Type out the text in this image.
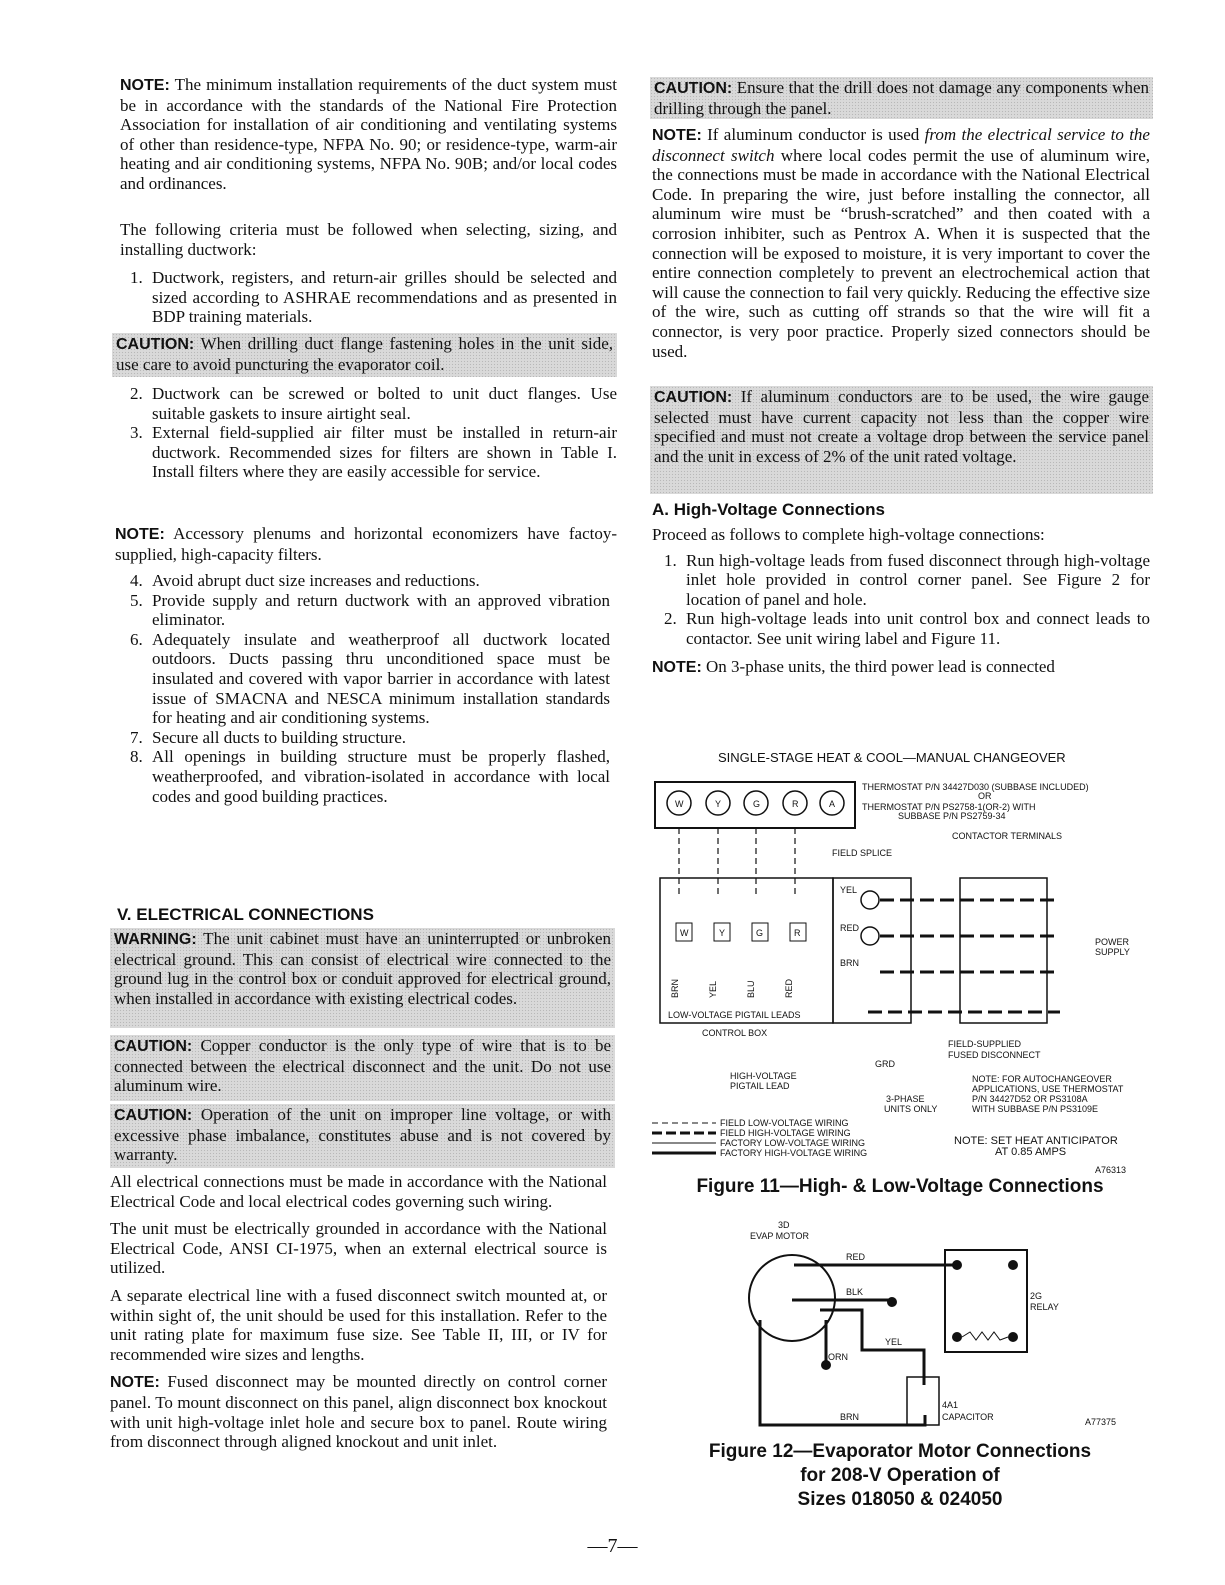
NOTE: The minimum installation requirements of the duct system must be in accordance with the standards of the National Fire Protection Association for installation of air conditioning and ventilating systems of other than residence-type, NFPA No. 90; or residence-type, warm-air heating and air conditioning systems, NFPA No. 90B; and/or local codes and ordinances.
The following criteria must be followed when selecting, sizing, and installing ductwork:
1. Ductwork, registers, and return-air grilles should be selected and sized according to ASHRAE recommendations and as presented in BDP training materials.
CAUTION: When drilling duct flange fastening holes in the unit side, use care to avoid puncturing the evaporator coil.
2. Ductwork can be screwed or bolted to unit duct flanges. Use suitable gaskets to insure airtight seal.
3. External field-supplied air filter must be installed in return-air ductwork. Recommended sizes for filters are shown in Table I. Install filters where they are easily accessible for service.
NOTE: Accessory plenums and horizontal economizers have factoy-supplied, high-capacity filters.
4. Avoid abrupt duct size increases and reductions.
5. Provide supply and return ductwork with an approved vibration eliminator.
6. Adequately insulate and weatherproof all ductwork located outdoors. Ducts passing thru unconditioned space must be insulated and covered with vapor barrier in accordance with latest issue of SMACNA and NESCA minimum installation standards for heating and air conditioning systems.
7. Secure all ducts to building structure.
8. All openings in building structure must be properly flashed, weatherproofed, and vibration-isolated in accordance with local codes and good building practices.
V. ELECTRICAL CONNECTIONS
WARNING: The unit cabinet must have an uninterrupted or unbroken electrical ground. This can consist of electrical wire connected to the ground lug in the control box or conduit approved for electrical ground, when installed in accordance with existing electrical codes.
CAUTION: Copper conductor is the only type of wire that is to be connected between the electrical disconnect and the unit. Do not use aluminum wire.
CAUTION: Operation of the unit on improper line voltage, or with excessive phase imbalance, constitutes abuse and is not covered by warranty.
All electrical connections must be made in accordance with the National Electrical Code and local electrical codes governing such wiring.
The unit must be electrically grounded in accordance with the National Electrical Code, ANSI CI-1975, when an external electrical source is utilized.
A separate electrical line with a fused disconnect switch mounted at, or within sight of, the unit should be used for this installation. Refer to the unit rating plate for maximum fuse size. See Table II, III, or IV for recommended wire sizes and lengths.
NOTE: Fused disconnect may be mounted directly on control corner panel. To mount disconnect on this panel, align disconnect box knockout with unit high-voltage inlet hole and secure box to panel. Route wiring from disconnect through aligned knockout and unit inlet.
CAUTION: Ensure that the drill does not damage any components when drilling through the panel.
NOTE: If aluminum conductor is used from the electrical service to the disconnect switch where local codes permit the use of aluminum wire, the connections must be made in accordance with the National Electrical Code. In preparing the wire, just before installing the connector, all aluminum wire must be “brush-scratched” and then coated with a corrosion inhibiter, such as Pentrox A. When it is suspected that the connection will be exposed to moisture, it is very important to cover the entire connection completely to prevent an electrochemical action that will cause the connection to fail very quickly. Reducing the effective size of the wire, such as cutting off strands so that the wire will fit a connector, is very poor practice. Properly sized connectors should be used.
CAUTION: If aluminum conductors are to be used, the wire gauge selected must have current capacity not less than the copper wire specified and must not create a voltage drop between the service panel and the unit in excess of 2% of the unit rated voltage.
A. High-Voltage Connections
Proceed as follows to complete high-voltage connections:
1. Run high-voltage leads from fused disconnect through high-voltage inlet hole provided in control corner panel. See Figure 2 for location of panel and hole.
2. Run high-voltage leads into unit control box and connect leads to contactor. See unit wiring label and Figure 11.
NOTE: On 3-phase units, the third power lead is connected
SINGLE-STAGE HEAT & COOL—MANUAL CHANGEOVER
W	Y	G	R	A
THERMOSTAT P/N 34427D030 (SUBBASE INCLUDED)
OR
THERMOSTAT P/N PS2758-1(OR-2) WITH
SUBBASE P/N PS2759-34
CONTACTOR TERMINALS
FIELD SPLICE
W	Y	G	R
BRN	YEL	BLU	RED
LOW-VOLTAGE PIGTAIL LEADS
CONTROL BOX
YEL
RED
BRN
POWER
SUPPLY
GRD
FIELD-SUPPLIED
FUSED DISCONNECT
HIGH-VOLTAGE
PIGTAIL LEAD
3-PHASE
UNITS ONLY
NOTE: FOR AUTOCHANGEOVER
APPLICATIONS, USE THERMOSTAT
P/N 34427D52 OR PS3108A
WITH SUBBASE P/N PS3109E
FIELD LOW-VOLTAGE WIRING
FIELD HIGH-VOLTAGE WIRING
FACTORY LOW-VOLTAGE WIRING
FACTORY HIGH-VOLTAGE WIRING
NOTE: SET HEAT ANTICIPATOR
AT 0.85 AMPS
A76313
Figure 11—High- & Low-Voltage Connections
3D
EVAP MOTOR
RED
BLK
YEL
ORN
BRN
2G
RELAY
4A1
CAPACITOR	A77375
Figure 12—Evaporator Motor Connections
for 208-V Operation of
Sizes 018050 & 024050
—7—
